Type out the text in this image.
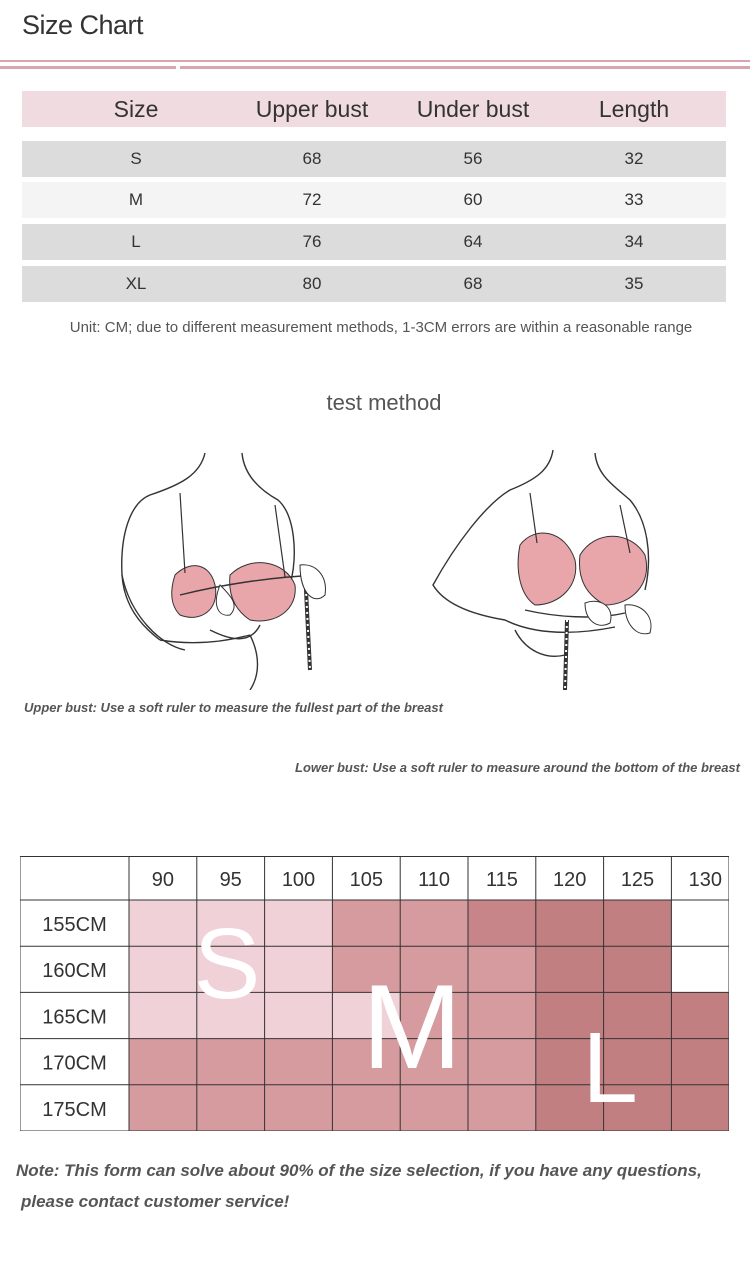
Size Chart
Size	Upper bust	Under bust	Length
S	68	56	32
M	72	60	33
L	76	64	34
XL	80	68	35
Unit: CM; due to different measurement methods, 1-3CM errors are within a reasonable range
test method
Upper bust: Use a soft ruler to measure the fullest part of the breast
Lower bust: Use a soft ruler to measure around the bottom of the breast
90 95 100 105 110 115 120 125 130
155CM
160CM
165CM
170CM
175CM
S M L
Note: This form can solve about 90% of the size selection, if you have any questions,
please contact customer service!
